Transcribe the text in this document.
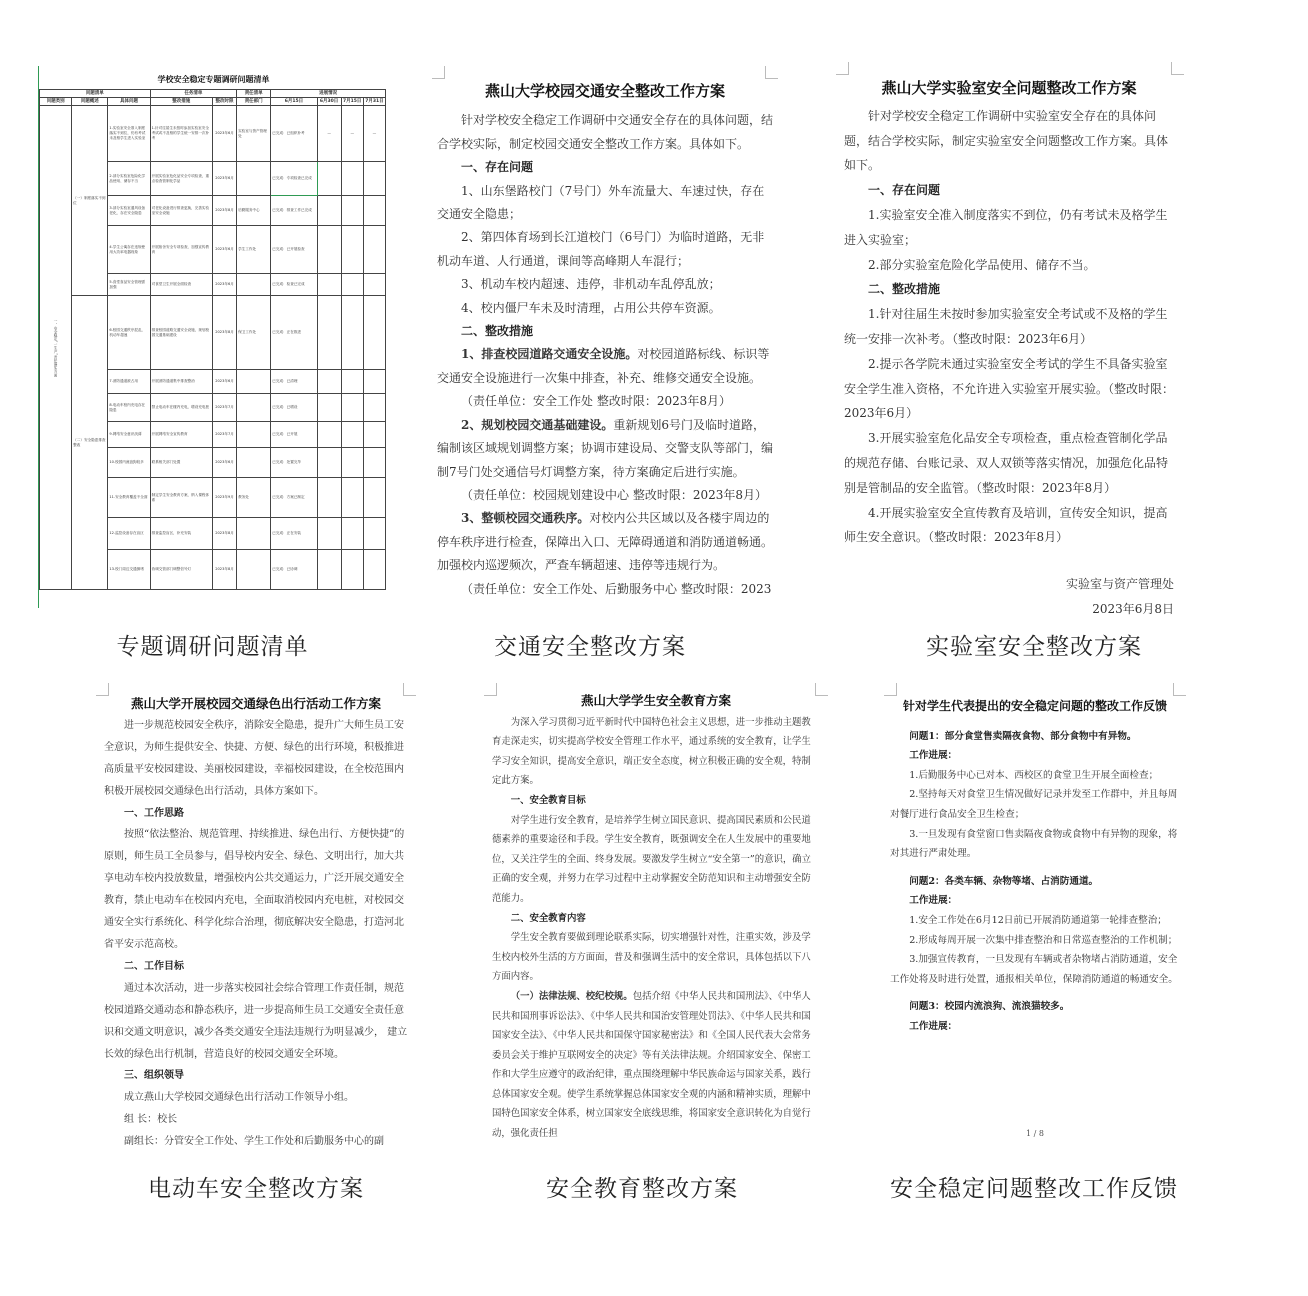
学校安全稳定专题调研问题清单
问题清单			任务清单		责任清单	进展情况			
问题类别	问题概述	具体问题	整改措施	整改时限	责任部门	6月15日	6月30日	7月15日	7月31日
一、安全稳定“一生产”责任落实方面	（一）制度落实不到位	1.实验室安全准入制度落实不到位，仍有考试未及格学生进入实验室	1.针对往届生未按时参加实验室安全考试或不及格的学生统一安排一次补考	2023年6月	实验室与资产管理处	已完成：已组织补考	—	—	—
		2.部分实验室危险化学品使用、储存不当	开展实验室危化品安全专项检查，重点检查管制化学品	2023年6月		已完成：专项检查已完成			
		3.部分实验室通风设备老化，存在安全隐患	对老化设备进行排查更换，完善实验室安全设施	2023年8月	后勤服务中心	已完成：排查工作已完成			
		4.学生公寓存在违规使用大功率电器现象	开展宿舍安全专项检查，加强宣传教育	2023年6月	学生工作处	已完成：已开展检查			
		5.食堂食品安全管理需加强	对食堂卫生开展全面检查	2023年6月		已完成：检查已完成			
	（二）安全隐患排查整改	6.校园交通秩序混乱，机动车超速	排查校园道路交通安全设施，规划校园交通基础建设	2023年8月	保卫工作处	已完成：正在推进			
		7.消防通道被占用	开展消防通道集中排查整治	2023年6月		已完成：已清理			
		8.电动车校内充电存在隐患	禁止电动车在楼内充电，增设充电桩	2023年7月		已完成：已增设			
		9.网络安全意识淡薄	开展网络安全宣传教育	2023年7月		已完成：已开展			
		10.校园内流浪狗较多	联系相关部门处置	2023年6月		已完成：处置完毕			
		11.安全教育覆盖不全面	制定学生安全教育方案，纳入课程体系	2023年9月	教务处	已完成：方案已制定			
		12.监控设备存在盲区	排查监控盲区，补充安装	2023年8月		已完成：正在安装			
		13.校门周边交通拥堵	协调交管部门调整信号灯	2023年8月		已完成：已协调			
专题调研问题清单
燕山大学校园交通安全整改工作方案

针对学校安全稳定工作调研中交通安全存在的具体问题，结合学校实际，制定校园交通安全整改工作方案。具体如下。

一、存在问题

1、山东堡路校门（7号门）外车流量大、车速过快，存在交通安全隐患；

2、第四体育场到长江道校门（6号门）为临时道路，无非机动车道、人行通道，课间等高峰期人车混行；

3、机动车校内超速、违停，非机动车乱停乱放；

4、校内僵尸车未及时清理，占用公共停车资源。

二、整改措施

1、排查校园道路交通安全设施。对校园道路标线、标识等交通安全设施进行一次集中排查，补充、维修交通安全设施。

（责任单位：安全工作处 整改时限：2023年8月）

2、规划校园交通基础建设。重新规划6号门及临时道路，编制该区域规划调整方案；协调市建设局、交警支队等部门，编制7号门处交通信号灯调整方案，待方案确定后进行实施。

（责任单位：校园规划建设中心 整改时限：2023年8月）

3、整顿校园交通秩序。对校内公共区域以及各楼宇周边的停车秩序进行检查，保障出入口、无障碍通道和消防通道畅通。加强校内巡逻频次，严查车辆超速、违停等违规行为。

（责任单位：安全工作处、后勤服务中心 整改时限：2023

交通安全整改方案
燕山大学实验室安全问题整改工作方案

针对学校安全稳定工作调研中实验室安全存在的具体问题，结合学校实际，制定实验室安全问题整改工作方案。具体如下。

一、存在问题

1.实验室安全准入制度落实不到位，仍有考试未及格学生进入实验室；

2.部分实验室危险化学品使用、储存不当。

二、整改措施

1.针对往届生未按时参加实验室安全考试或不及格的学生统一安排一次补考。（整改时限：2023年6月）

2.提示各学院未通过实验室安全考试的学生不具备实验室安全学生准入资格，不允许进入实验室开展实验。（整改时限：2023年6月）

3.开展实验室危化品安全专项检查，重点检查管制化学品的规范存储、台账记录、双人双锁等落实情况，加强危化品特别是管制品的安全监管。（整改时限：2023年8月）

4.开展实验室安全宣传教育及培训，宣传安全知识，提高师生安全意识。（整改时限：2023年8月）

实验室与资产管理处

2023年6月8日

实验室安全整改方案
燕山大学开展校园交通绿色出行活动工作方案

进一步规范校园安全秩序，消除安全隐患，提升广大师生员工安全意识，为师生提供安全、快捷、方便、绿色的出行环境，积极推进高质量平安校园建设、美丽校园建设，幸福校园建设，在全校范围内积极开展校园交通绿色出行活动，具体方案如下。

一、工作思路

按照“依法整治、规范管理、持续推进、绿色出行、方便快捷”的原则，师生员工全员参与，倡导校内安全、绿色、文明出行，加大共享电动车校内投放数量，增强校内公共交通运力，广泛开展交通安全教育，禁止电动车在校园内充电，全面取消校园内充电桩，对校园交通安全实行系统化、科学化综合治理，彻底解决安全隐患，打造河北省平安示范高校。

二、工作目标

通过本次活动，进一步落实校园社会综合管理工作责任制，规范校园道路交通动态和静态秩序，进一步提高师生员工交通安全责任意识和交通文明意识，减少各类交通安全违法违规行为明显减少， 建立长效的绿色出行机制，营造良好的校园交通安全环境。

三、组织领导

成立燕山大学校园交通绿色出行活动工作领导小组。

组 长：校长

副组长：分管安全工作处、学生工作处和后勤服务中心的副

电动车安全整改方案
燕山大学学生安全教育方案

为深入学习贯彻习近平新时代中国特色社会主义思想，进一步推动主题教育走深走实，切实提高学校安全管理工作水平，通过系统的安全教育，让学生学习安全知识，提高安全意识，端正安全态度，树立积极正确的安全观，特制定此方案。

一、安全教育目标

对学生进行安全教育，是培养学生树立国民意识、提高国民素质和公民道德素养的重要途径和手段。学生安全教育，既强调安全在人生发展中的重要地位，又关注学生的全面、终身发展。要激发学生树立“安全第一”的意识，确立正确的安全观，并努力在学习过程中主动掌握安全防范知识和主动增强安全防范能力。

二、安全教育内容

学生安全教育要做到理论联系实际，切实增强针对性，注重实效，涉及学生校内校外生活的方方面面，普及和强调生活中的安全常识，具体包括以下八方面内容。

（一）法律法规、校纪校规。包括介绍《中华人民共和国刑法》、《中华人民共和国刑事诉讼法》、《中华人民共和国治安管理处罚法》、《中华人民共和国国家安全法》、《中华人民共和国保守国家秘密法》和《全国人民代表大会常务委员会关于维护互联网安全的决定》等有关法律法规。介绍国家安全、保密工作和大学生应遵守的政治纪律，重点围绕理解中华民族命运与国家关系，践行总体国家安全观。使学生系统掌握总体国家安全观的内涵和精神实质，理解中国特色国家安全体系，树立国家安全底线思维，将国家安全意识转化为自觉行动，强化责任担

安全教育整改方案
针对学生代表提出的安全稳定问题的整改工作反馈

问题1：部分食堂售卖隔夜食物、部分食物中有异物。

工作进展：

1.后勤服务中心已对本、西校区的食堂卫生开展全面检查；

2.坚持每天对食堂卫生情况做好记录并发至工作群中，并且每周对餐厅进行食品安全卫生检查；

3.一旦发现有食堂窗口售卖隔夜食物或食物中有异物的现象，将对其进行严肃处理。

问题2：各类车辆、杂物等堵、占消防通道。

工作进展：

1.安全工作处在6月12日前已开展消防通道第一轮排查整治；

2.形成每周开展一次集中排查整治和日常巡查整治的工作机制；

3.加强宣传教育，一旦发现有车辆或者杂物堵占消防通道，安全工作处将及时进行处置，通报相关单位，保障消防通道的畅通安全。

问题3：校园内流浪狗、流浪猫较多。

工作进展：

1 / 8
安全稳定问题整改工作反馈
